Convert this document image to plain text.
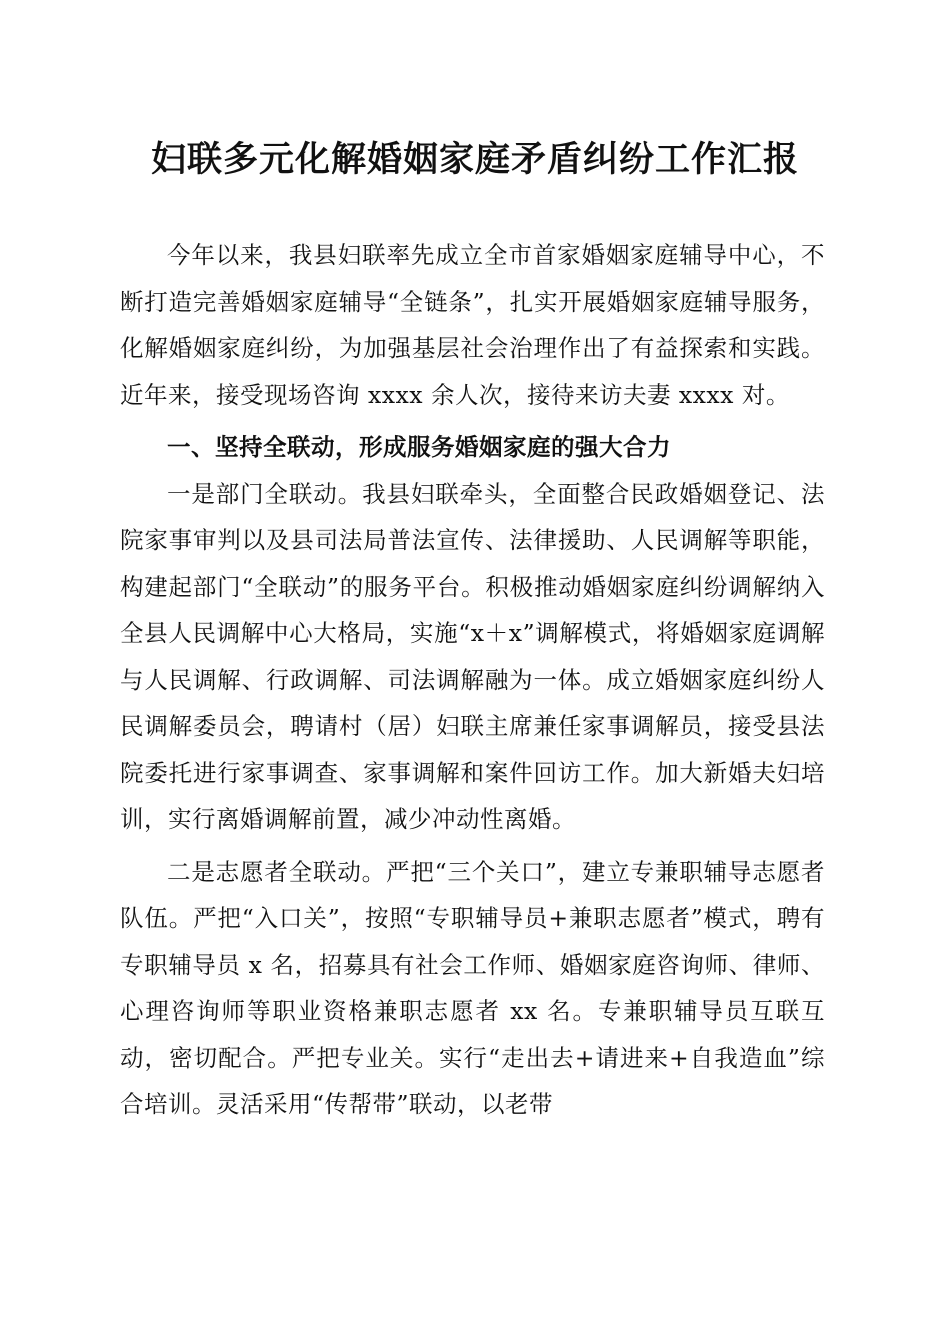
妇联多元化解婚姻家庭矛盾纠纷工作汇报

今年以来，我县妇联率先成立全市首家婚姻家庭辅导中心，不断打造完善婚姻家庭辅导“全链条”，扎实开展婚姻家庭辅导服务，化解婚姻家庭纠纷，为加强基层社会治理作出了有益探索和实践。近年来，接受现场咨询 xxxx 余人次，接待来访夫妻 xxxx 对。

一、坚持全联动，形成服务婚姻家庭的强大合力

一是部门全联动。我县妇联牵头，全面整合民政婚姻登记、法院家事审判以及县司法局普法宣传、法律援助、人民调解等职能，构建起部门“全联动”的服务平台。积极推动婚姻家庭纠纷调解纳入全县人民调解中心大格局，实施“x＋x”调解模式，将婚姻家庭调解与人民调解、行政调解、司法调解融为一体。成立婚姻家庭纠纷人民调解委员会，聘请村（居）妇联主席兼任家事调解员，接受县法院委托进行家事调查、家事调解和案件回访工作。加大新婚夫妇培训，实行离婚调解前置，减少冲动性离婚。

二是志愿者全联动。严把“三个关口”，建立专兼职辅导志愿者队伍。严把“入口关”，按照“专职辅导员+兼职志愿者”模式，聘有专职辅导员 x 名，招募具有社会工作师、婚姻家庭咨询师、律师、心理咨询师等职业资格兼职志愿者 xx 名。专兼职辅导员互联互动，密切配合。严把专业关。实行“走出去+请进来+自我造血”综合培训。灵活采用“传帮带”联动，以老带
